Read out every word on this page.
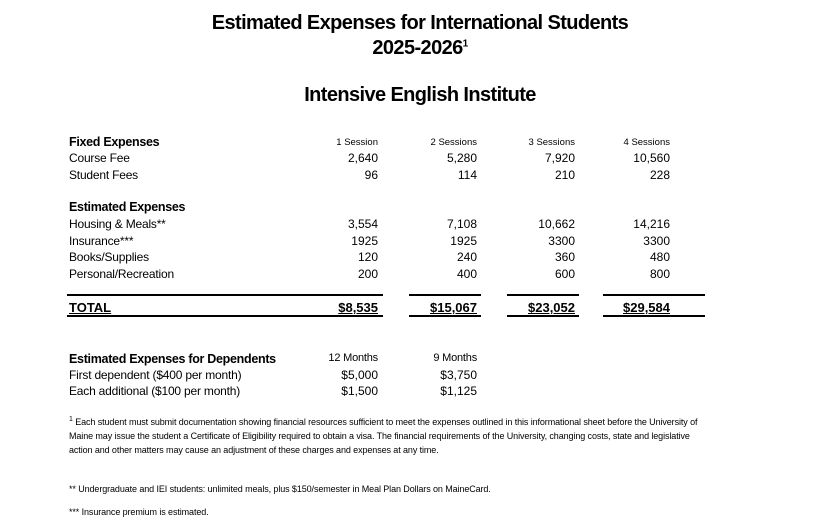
Estimated Expenses for International Students
2025-2026$^1$
Intensive English Institute
Fixed Expenses	1 Session	2 Sessions	3 Sessions	4 Sessions
Course Fee	2,640	5,280	7,920	10,560
Student Fees	96	114	210	228
Estimated Expenses
Housing & Meals**	3,554	7,108	10,662	14,216
Insurance***	1925	1925	3300	3300
Books/Supplies	120	240	360	480
Personal/Recreation	200	400	600	800
TOTAL	$8,535	$15,067	$23,052	$29,584
Estimated Expenses for Dependents	12 Months	9 Months
First dependent ($400 per month)	$5,000	$3,750
Each additional ($100 per month)	$1,500	$1,125
$^1$ Each student must submit documentation showing financial resources sufficient to meet the expenses outlined in this informational sheet before the University of Maine may issue the student a Certificate of Eligibility required to obtain a visa. The financial requirements of the University, changing costs, state and legislative action and other matters may cause an adjustment of these charges and expenses at any time.
** Undergraduate and IEI students: unlimited meals, plus $150/semester in Meal Plan Dollars on MaineCard.
*** Insurance premium is estimated.
